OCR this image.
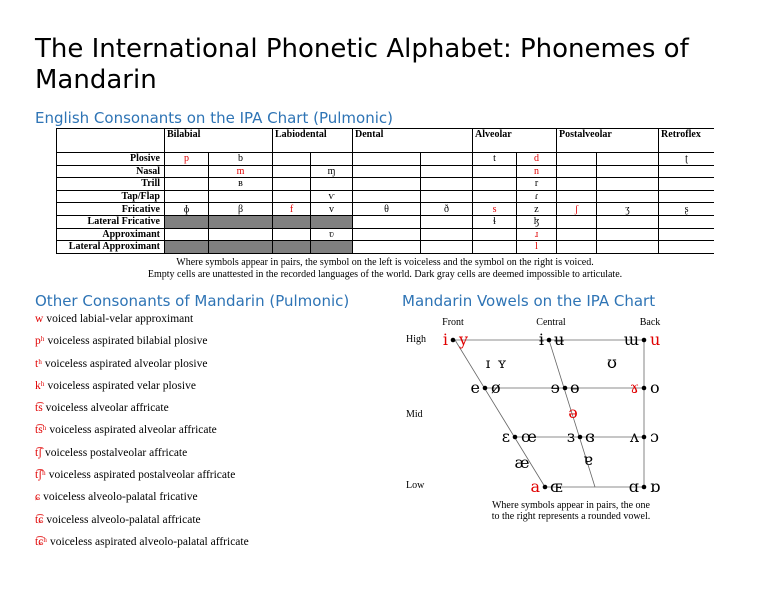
The International Phonetic Alphabet: Phonemes of Mandarin
English Consonants on the IPA Chart (Pulmonic)
	Bilabial		Labiodental		Dental		Alveolar		Postalveolar		Retroflex					
Plosive	p	b					t	d			ʈ											
Nasal		m		ɱ				n														
Trill		ʙ						r														
Tap/Flap				ⱱ				ɾ														
Fricative	ɸ	β	f	v	θ	ð	s	z	ʃ	ʒ	ʂ											
Lateral Fricative							ɬ	ɮ														
Approximant				ʋ				ɹ														
Lateral Approximant								l														
Where symbols appear in pairs, the symbol on the left is voiceless and the symbol on the right is voiced.
Empty cells are unattested in the recorded languages of the world. Dark gray cells are deemed impossible to articulate.
Other Consonants of Mandarin (Pulmonic)
w voiced labial-velar approximant
pʰ voiceless aspirated bilabial plosive
tʰ voiceless aspirated alveolar plosive
kʰ voiceless aspirated velar plosive
t͡s voiceless alveolar affricate
t͡sʰ voiceless aspirated alveolar affricate
t͡ʃ voiceless postalveolar affricate
t͡ʃʰ voiceless aspirated postalveolar affricate
ɕ voiceless alveolo-palatal fricative
t͡ɕ voiceless alveolo-palatal affricate
t͡ɕʰ voiceless aspirated alveolo-palatal affricate
Mandarin Vowels on the IPA Chart
Front	Central	Back
High
Mid
Low
i y	ɨ ʉ	ɯ u
ɪ ʏ	ʊ
e ø	ɘ ɵ	ɤ o
ə
ɛ œ ɜ ɞ ʌ ɔ
æ	ɐ
a ɶ	ɑ ɒ
Where symbols appear in pairs, the one
to the right represents a rounded vowel.
